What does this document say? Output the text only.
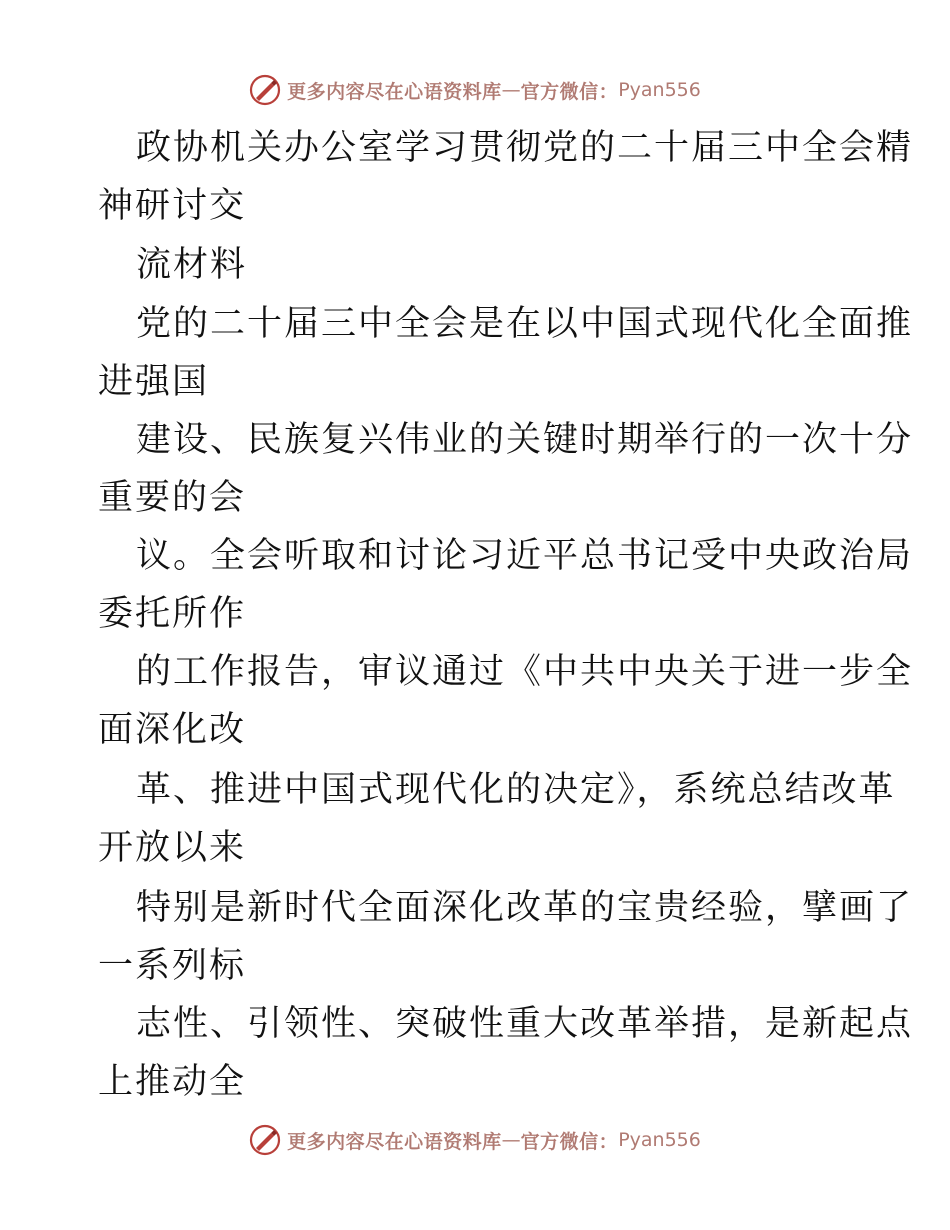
更多内容尽在心语资料库 — 官方微信： Pyan556
政协机关办公室学习贯彻党的二十届三中全会精
神研讨交
流材料
党的二十届三中全会是在以中国式现代化全面推
进强国
建设、民族复兴伟业的关键时期举行的一次十分
重要的会
议。全会听取和讨论习近平总书记受中央政治局
委托所作
的工作报告，审议通过《中共中央关于进一步全
面深化改
革、推进中国式现代化的决定》，系统总结改革
开放以来
特别是新时代全面深化改革的宝贵经验，擘画了
一系列标
志性、引领性、突破性重大改革举措，是新起点
上推动全
更多内容尽在心语资料库 — 官方微信： Pyan556
